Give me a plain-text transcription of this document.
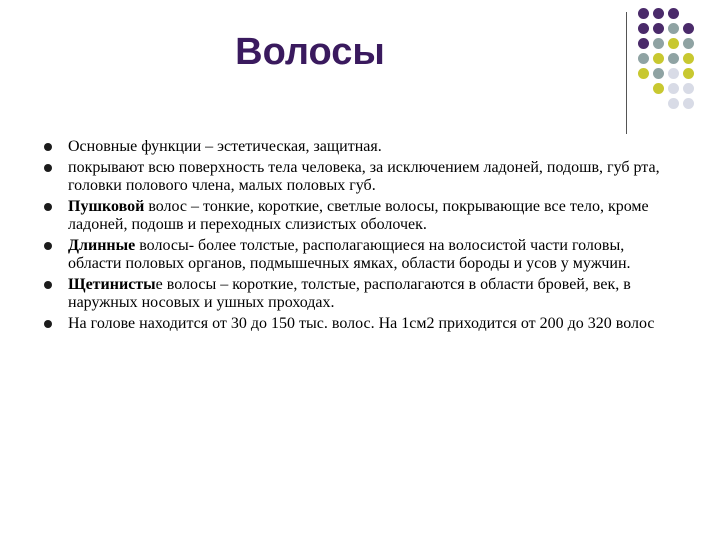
Волосы
Основные функции – эстетическая, защитная.
покрывают всю поверхность тела человека, за исключением ладоней, подошв, губ рта, головки полового члена, малых половых губ.
Пушковой волос – тонкие, короткие, светлые волосы, покрывающие все тело, кроме ладоней, подошв и переходных слизистых оболочек.
Длинные волосы- более толстые, располагающиеся на волосистой части головы, области половых органов, подмышечных ямках, области бороды и усов у мужчин.
Щетинистые волосы – короткие, толстые, располагаются в области бровей, век, в наружных носовых и ушных проходах.
На голове находится от 30 до 150 тыс. волос. На 1см2 приходится от 200 до 320 волос
